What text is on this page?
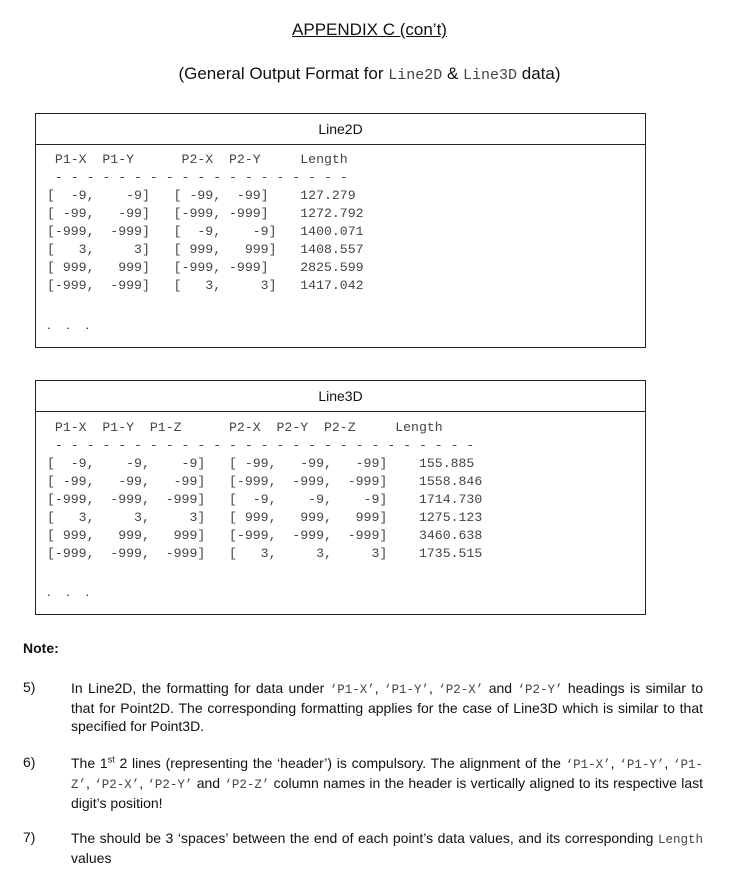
APPENDIX C (con’t)
(General Output Format for Line2D & Line3D data)
Line2D
P1-X  P1-Y      P2-X  P2-Y     Length
- - - - - - - - - - - - - - - - - - -
[  -9,    -9]   [ -99,  -99]    127.279
[ -99,   -99]   [-999, -999]    1272.792
[-999,  -999]   [  -9,    -9]   1400.071
[   3,     3]   [ 999,   999]   1408.557
[ 999,   999]   [-999, -999]    2825.599
[-999,  -999]   [   3,     3]   1417.042
. . .
Line3D
P1-X  P1-Y  P1-Z      P2-X  P2-Y  P2-Z     Length
- - - - - - - - - - - - - - - - - - - - - - - - - - -
[  -9,    -9,    -9]   [ -99,   -99,   -99]    155.885
[ -99,   -99,   -99]   [-999,  -999,  -999]    1558.846
[-999,  -999,  -999]   [  -9,    -9,    -9]    1714.730
[   3,     3,     3]   [ 999,   999,   999]    1275.123
[ 999,   999,   999]   [-999,  -999,  -999]    3460.638
[-999,  -999,  -999]   [   3,     3,     3]    1735.515
. . .
Note:
5)	In Line2D, the formatting for data under ‘P1-X’, ‘P1-Y’, ‘P2-X’ and ‘P2-Y’ headings is similar to that for Point2D. The corresponding formatting applies for the case of Line3D which is similar to that specified for Point3D.
6)	The 1st 2 lines (representing the ‘header’) is compulsory. The alignment of the ‘P1-X’, ‘P1-Y’, ‘P1-Z’, ‘P2-X’, ‘P2-Y’ and ‘P2-Z’ column names in the header is vertically aligned to its respective last digit’s position!
7)	The should be 3 ‘spaces’ between the end of each point’s data values, and its corresponding Length values
